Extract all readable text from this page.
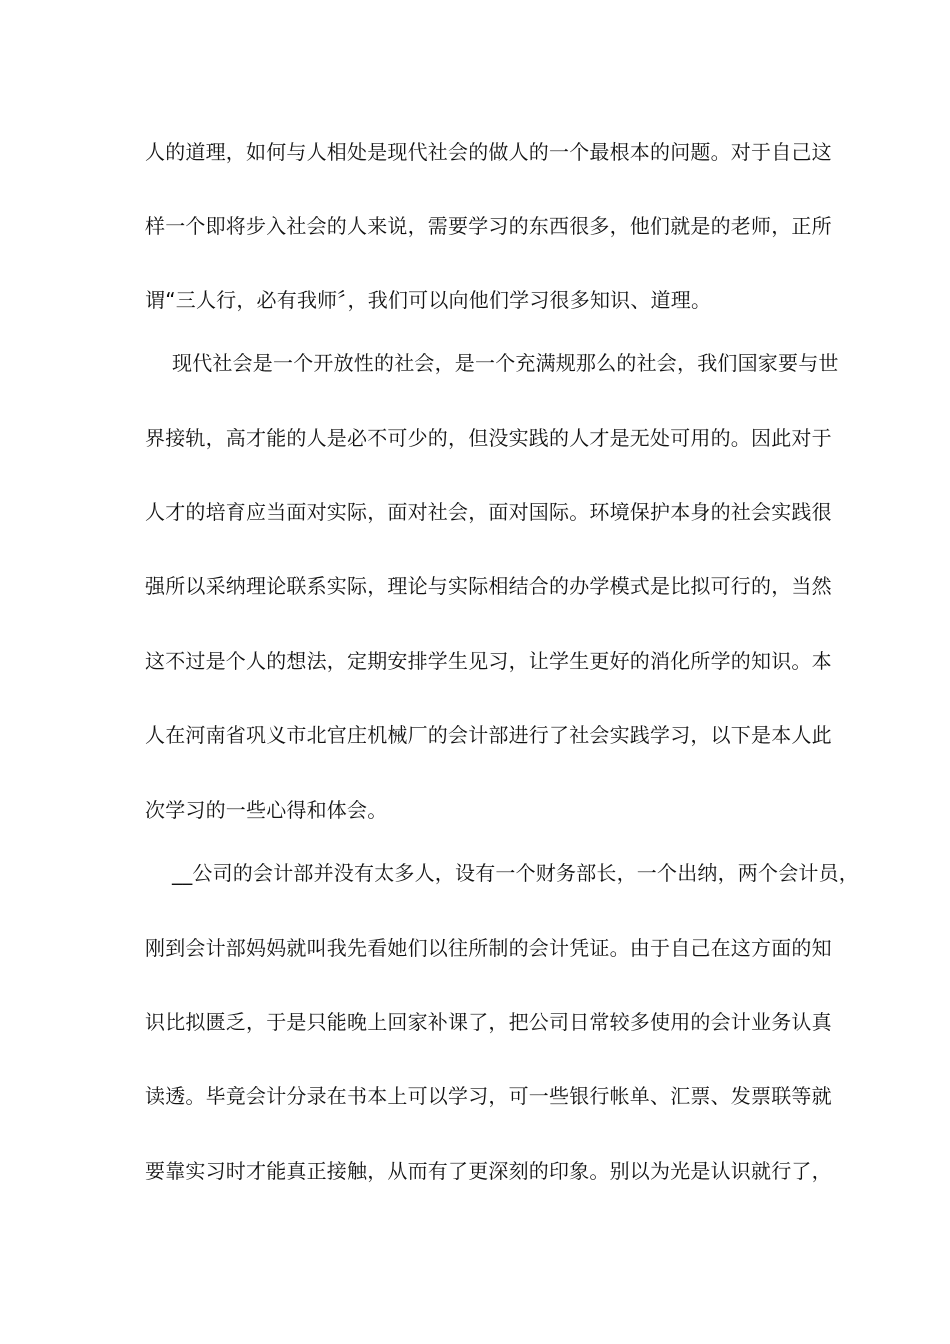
人的道理，如何与人相处是现代社会的做人的一个最根本的问题。对于自己这
样一个即将步入社会的人来说，需要学习的东西很多，他们就是的老师，正所
谓“三人行，必有我师〞，我们可以向他们学习很多知识、道理。
现代社会是一个开放性的社会，是一个充满规那么的社会，我们国家要与世
界接轨，高才能的人是必不可少的，但没实践的人才是无处可用的。因此对于
人才的培育应当面对实际，面对社会，面对国际。环境保护本身的社会实践很
强所以采纳理论联系实际，理论与实际相结合的办学模式是比拟可行的，当然
这不过是个人的想法，定期安排学生见习，让学生更好的消化所学的知识。本
人在河南省巩义市北官庄机械厂的会计部进行了社会实践学习，以下是本人此
次学习的一些心得和体会。
__公司的会计部并没有太多人，设有一个财务部长，一个出纳，两个会计员，
刚到会计部妈妈就叫我先看她们以往所制的会计凭证。由于自己在这方面的知
识比拟匮乏，于是只能晚上回家补课了，把公司日常较多使用的会计业务认真
读透。毕竟会计分录在书本上可以学习，可一些银行帐单、汇票、发票联等就
要靠实习时才能真正接触，从而有了更深刻的印象。别以为光是认识就行了，
